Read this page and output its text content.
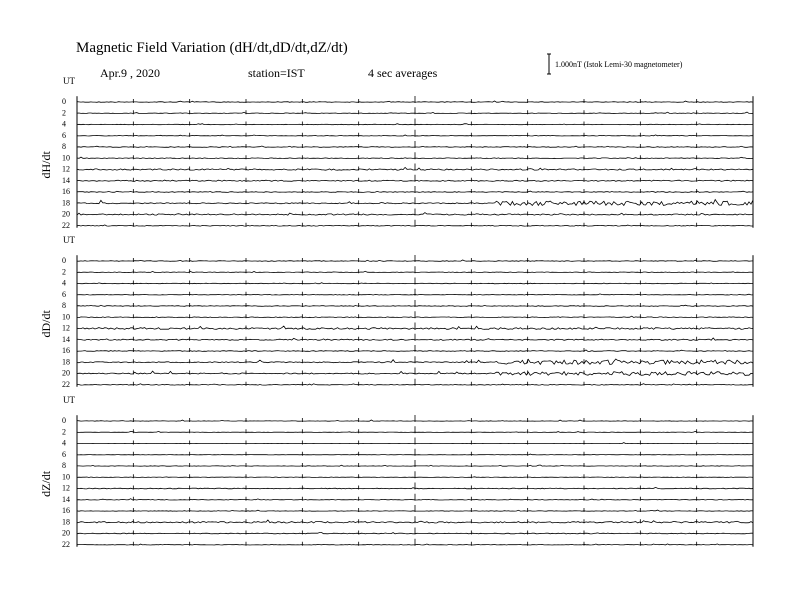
Magnetic Field Variation (dH/dt,dD/dt,dZ/dt)
Apr.9 , 2020	station=IST	4 sec averages
1.000nT (Istok Lemi-30 magnetometer)
UT
dH/dt
0
2
4
6
8
10
12
14
16
18
20
22
UT
dD/dt
0
2
4
6
8
10
12
14
16
18
20
22
UT
dZ/dt
0
2
4
6
8
10
12
14
16
18
20
22
